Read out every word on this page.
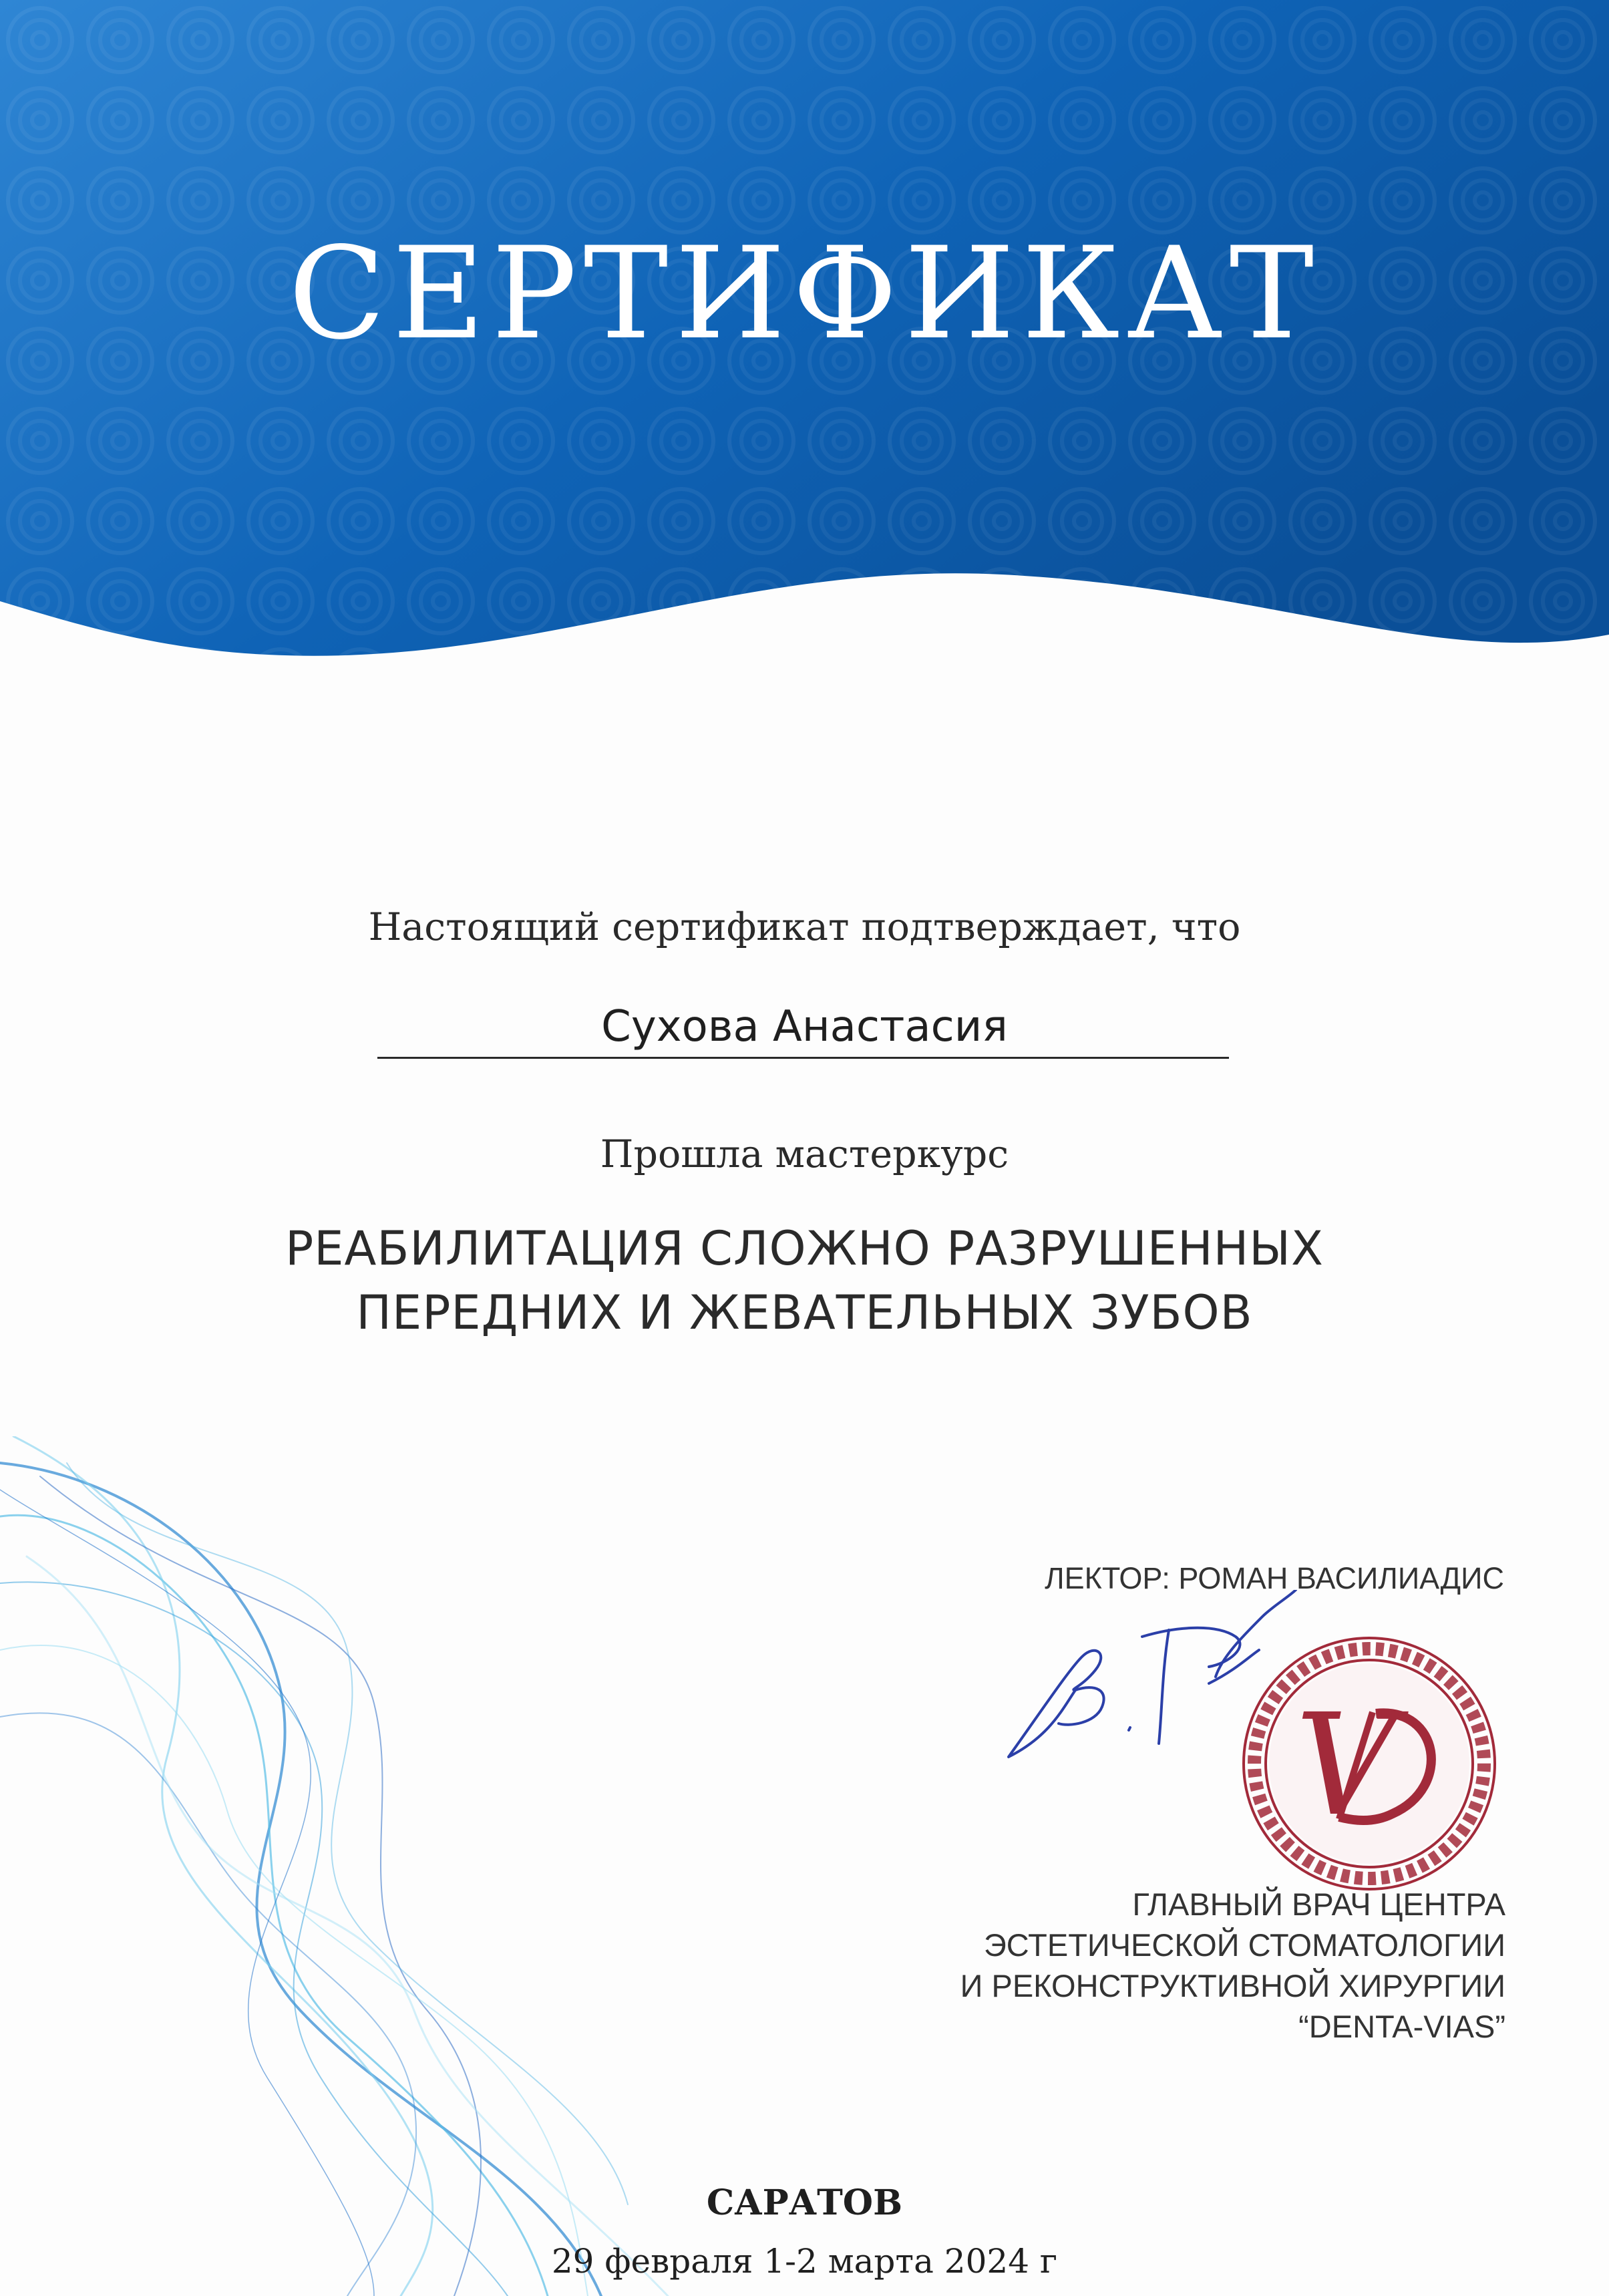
СЕРТИФИКАТ
Настоящий сертификат подтверждает, что
Сухова Анастасия
Прошла мастеркурс
РЕАБИЛИТАЦИЯ СЛОЖНО РАЗРУШЕННЫХ
ПЕРЕДНИХ И ЖЕВАТЕЛЬНЫХ ЗУБОВ
ЛЕКТОР: РОМАН ВАСИЛИАДИС
V
ГЛАВНЫЙ ВРАЧ ЦЕНТРА
ЭСТЕТИЧЕСКОЙ СТОМАТОЛОГИИ
И РЕКОНСТРУКТИВНОЙ ХИРУРГИИ
“DENTA-VIAS”
САРАТОВ
29 февраля 1-2 марта 2024 г
